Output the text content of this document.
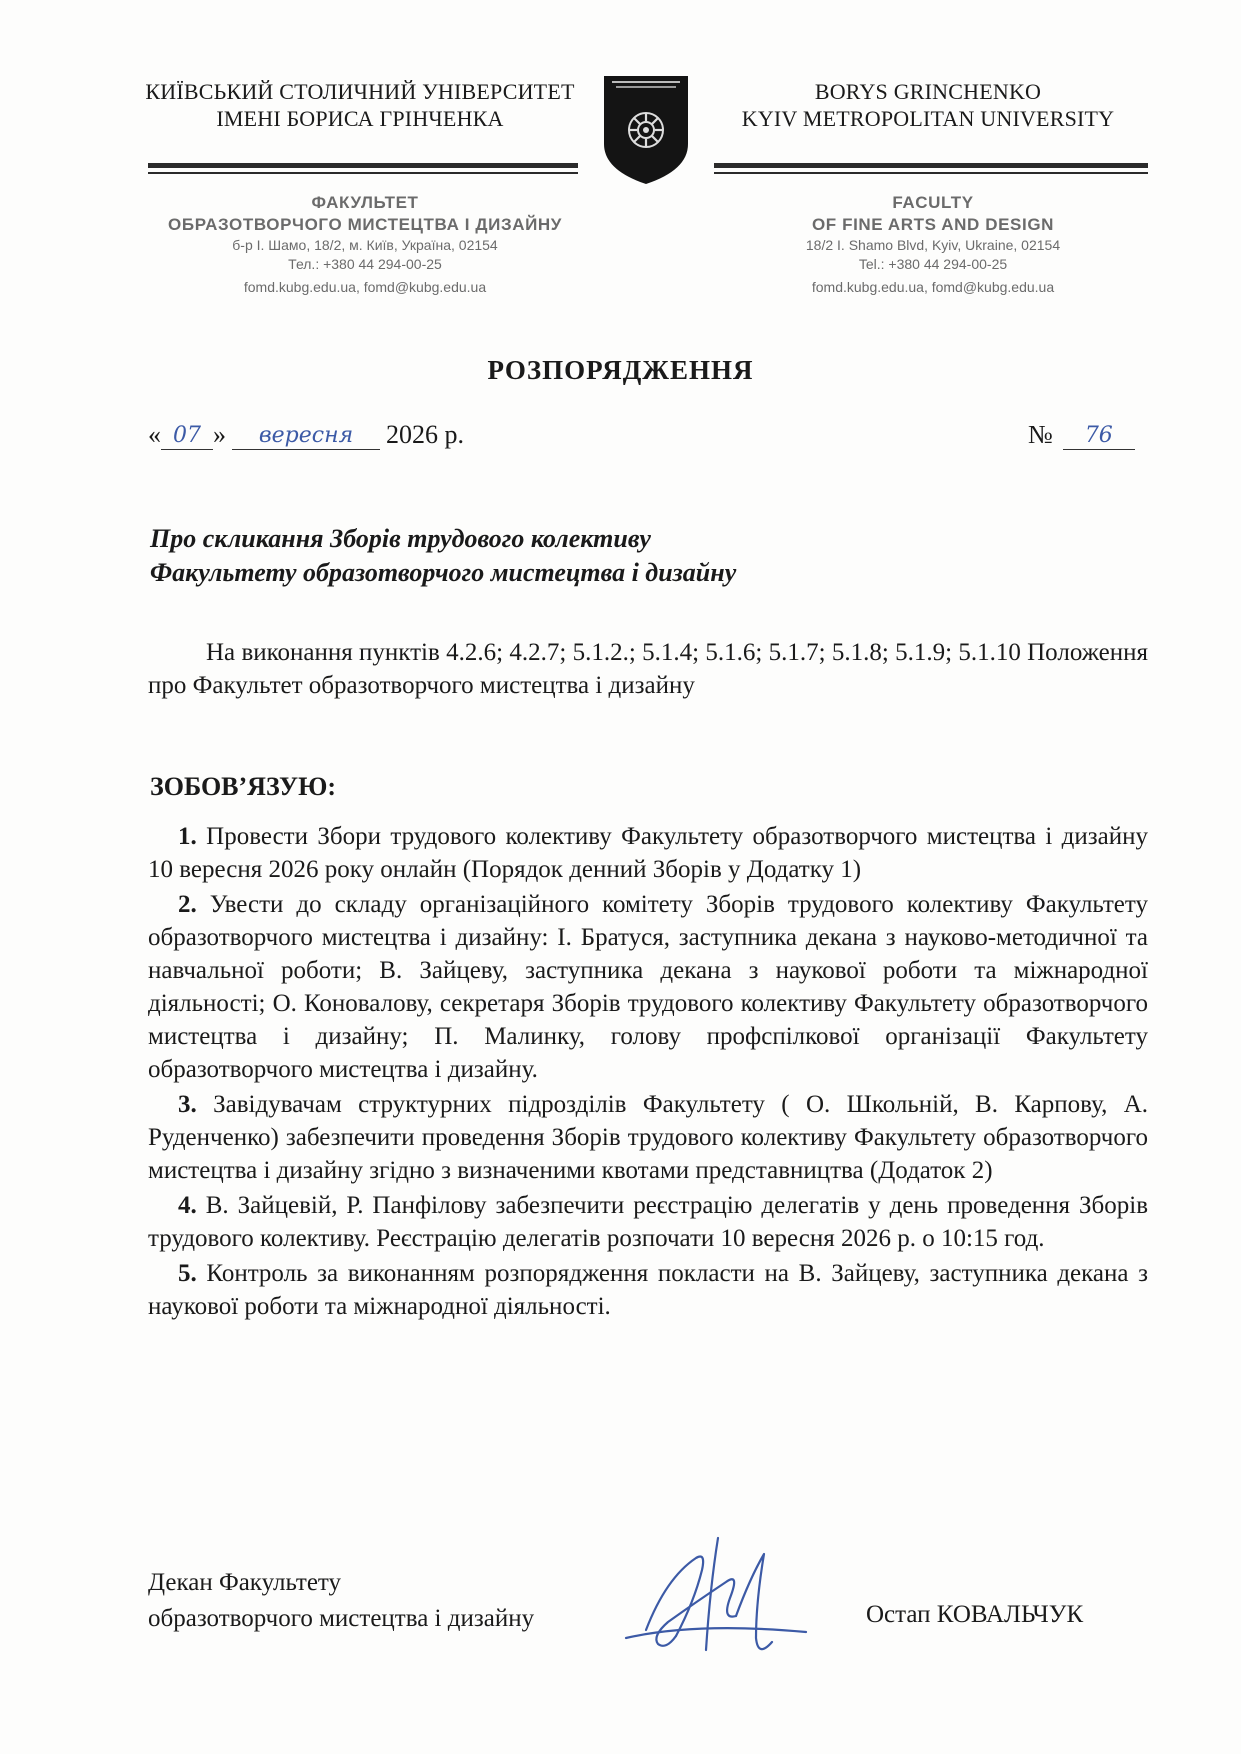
КИЇВСЬКИЙ СТОЛИЧНИЙ УНІВЕРСИТЕТ
ІМЕНІ БОРИСА ГРІНЧЕНКА
BORYS GRINCHENKO
KYIV METROPOLITAN UNIVERSITY
ФАКУЛЬТЕТ
ОБРАЗОТВОРЧОГО МИСТЕЦТВА І ДИЗАЙНУ
б-р І. Шамо, 18/2, м. Київ, Україна, 02154
Тел.: +380 44 294-00-25
fomd.kubg.edu.ua, fomd@kubg.edu.ua
FACULTY
OF FINE ARTS AND DESIGN
18/2 I. Shamo Blvd, Kyiv, Ukraine, 02154
Tel.: +380 44 294-00-25
fomd.kubg.edu.ua, fomd@kubg.edu.ua
РОЗПОРЯДЖЕННЯ
« 07 »	вересня	2026 р.	№	76
Про скликання Зборів трудового колективу
Факультету образотворчого мистецтва і дизайну
На виконання пунктів 4.2.6; 4.2.7; 5.1.2.; 5.1.4; 5.1.6; 5.1.7; 5.1.8; 5.1.9; 5.1.10 Положення про Факультет образотворчого мистецтва і дизайну
ЗОБОВ’ЯЗУЮ:
1. Провести Збори трудового колективу Факультету образотворчого мистецтва і дизайну 10 вересня 2026 року онлайн (Порядок денний Зборів у Додатку 1)
2. Увести до складу організаційного комітету Зборів трудового колективу Факультету образотворчого мистецтва і дизайну: І. Братуся, заступника декана з науково-методичної та навчальної роботи; В. Зайцеву, заступника декана з наукової роботи та міжнародної діяльності; О. Коновалову, секретаря Зборів трудового колективу Факультету образотворчого мистецтва і дизайну; П. Малинку, голову профспілкової організації Факультету образотворчого мистецтва і дизайну.
3. Завідувачам структурних підрозділів Факультету ( О. Школьній, В. Карпову, А. Руденченко) забезпечити проведення Зборів трудового колективу Факультету образотворчого мистецтва і дизайну згідно з визначеними квотами представництва (Додаток 2)
4. В. Зайцевій, Р. Панфілову забезпечити реєстрацію делегатів у день проведення Зборів трудового колективу. Реєстрацію делегатів розпочати 10 вересня 2026 р. о 10:15 год.
5. Контроль за виконанням розпорядження покласти на В. Зайцеву, заступника декана з наукової роботи та міжнародної діяльності.
Декан Факультету
образотворчого мистецтва і дизайну	Остап КОВАЛЬЧУК
